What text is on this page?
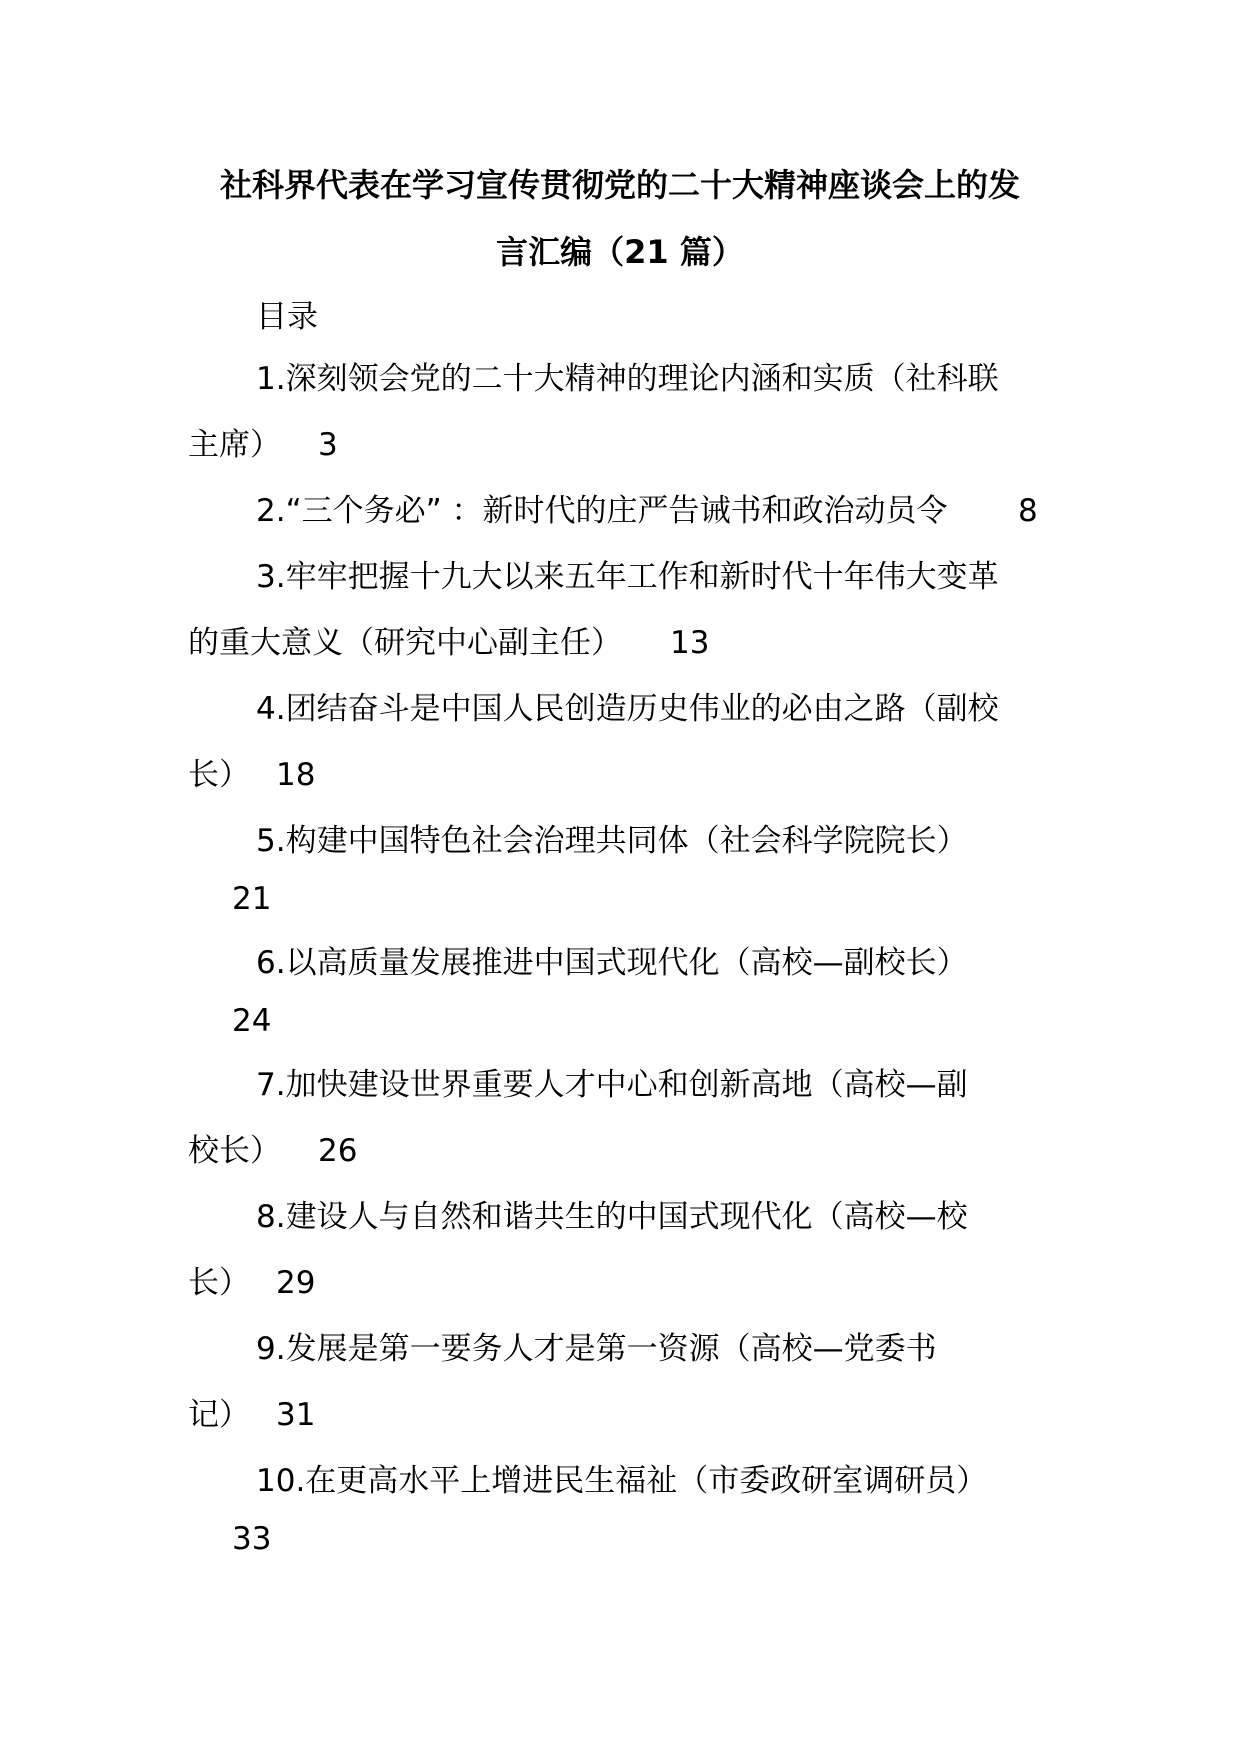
社科界代表在学习宣传贯彻党的二十大精神座谈会上的发
言汇编（21 篇）
目录
1.深刻领会党的二十大精神的理论内涵和实质（社科联
主席） 3
2.“三个务必” ：新时代的庄严告诫书和政治动员令 8
3.牢牢把握十九大以来五年工作和新时代十年伟大变革
的重大意义（研究中心副主任） 13
4.团结奋斗是中国人民创造历史伟业的必由之路（副校
长） 18
5.构建中国特色社会治理共同体（社会科学院院长）
21
6.以高质量发展推进中国式现代化（高校—副校长）
24
7.加快建设世界重要人才中心和创新高地（高校—副
校长） 26
8.建设人与自然和谐共生的中国式现代化（高校—校
长） 29
9.发展是第一要务人才是第一资源（高校—党委书
记） 31
10.在更高水平上增进民生福祉（市委政研室调研员）
33
